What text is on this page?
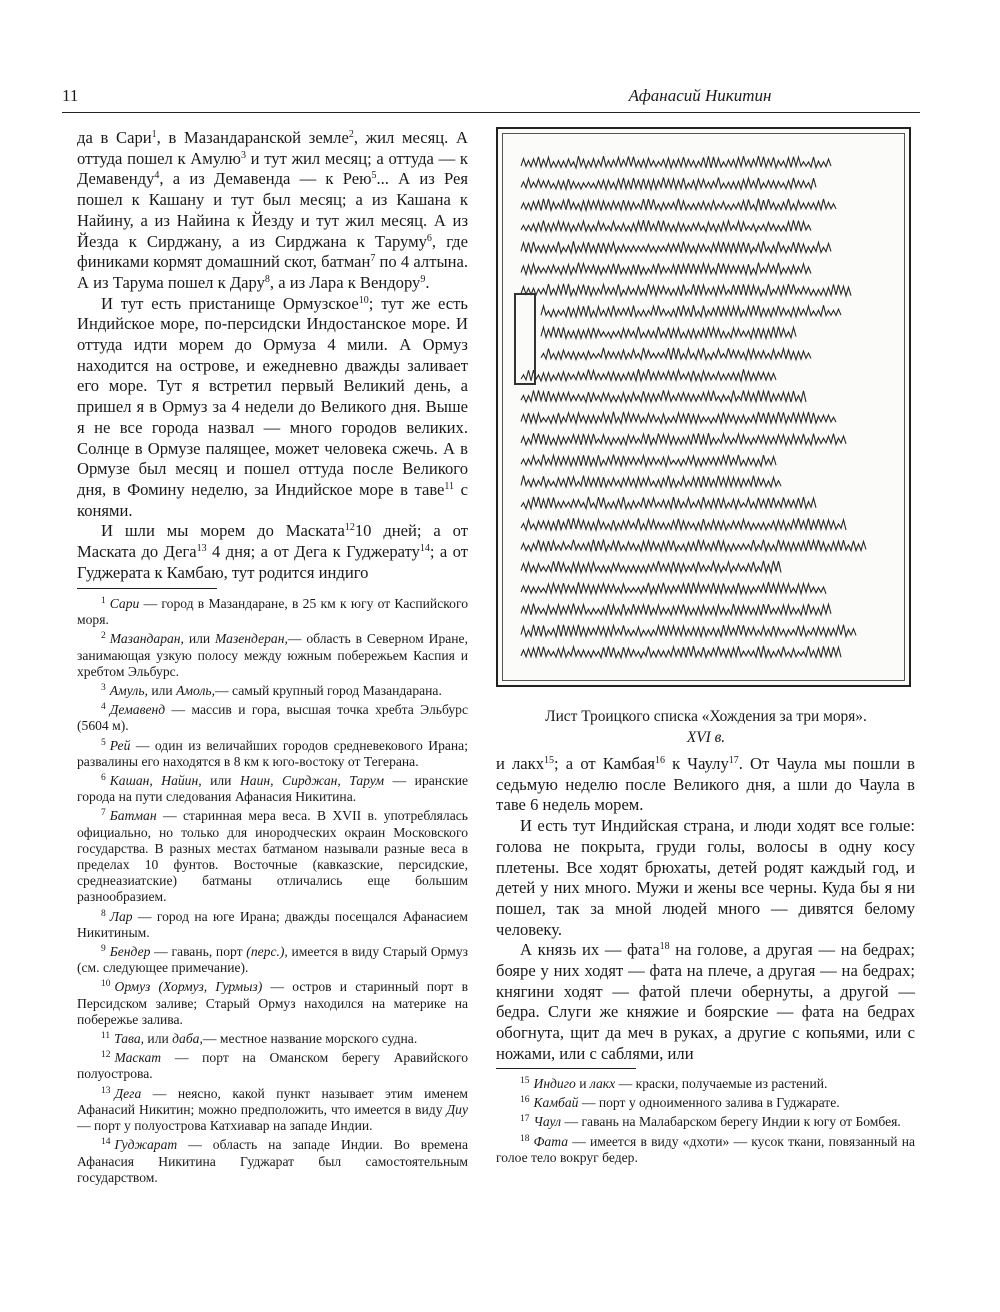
11	Афанасий Никитин

да в Сари$^1$, в Мазандаранской земле$^2$, жил месяц. А оттуда пошел к Амулю$^3$ и тут жил месяц; а оттуда — к Демавенду$^4$, а из Демавенда — к Рею$^5$... А из Рея пошел к Кашану и тут был месяц; а из Кашана к Найину, а из Найина к Йезду и тут жил месяц. А из Йезда к Сирджану, а из Сирджана к Таруму$^6$, где финиками кормят домашний скот, батман$^7$ по 4 алтына. А из Тарума пошел к Дару$^8$, а из Лара к Вендору$^9$.

И тут есть пристанище Ормузское$^{10}$; тут же есть Индийское море, по-персидски Индостанское море. И оттуда идти морем до Ормуза 4 мили. А Ормуз находится на острове, и ежедневно дважды заливает его море. Тут я встретил первый Великий день, а пришел я в Ормуз за 4 недели до Великого дня. Выше я не все города назвал — много городов великих. Солнце в Ормузе палящее, может человека сжечь. А в Ормузе был месяц и пошел оттуда после Великого дня, в Фомину неделю, за Индийское море в таве$^{11}$ с конями.

И шли мы морем до Маската$^{12}$10 дней; а от Маската до Дега$^{13}$ 4 дня; а от Дега к Гуджерату$^{14}$; а от Гуджерата к Камбаю, тут родится индиго

$^1$ Сари — город в Мазандаране, в 25 км к югу от Каспийского моря.

$^2$ Мазандаран, или Мазендеран,— область в Северном Иране, занимающая узкую полосу между южным побережьем Каспия и хребтом Эльбурс.

$^3$ Амуль, или Амоль,— самый крупный город Мазандарана.

$^4$ Демавенд — массив и гора, высшая точка хребта Эльбурс (5604 м).

$^5$ Рей — один из величайших городов средневекового Ирана; развалины его находятся в 8 км к юго-востоку от Тегерана.

$^6$ Кашан, Найин, или Наин, Сирджан, Тарум — иранские города на пути следования Афанасия Никитина.

$^7$ Батман — старинная мера веса. В XVII в. употреблялась официально, но только для инородческих окраин Московского государства. В разных местах батманом называли разные веса в пределах 10 фунтов. Восточные (кавказские, персидские, среднеазиатские) батманы отличались еще большим разнообразием.

$^8$ Лар — город на юге Ирана; дважды посещался Афанасием Никитиным.

$^9$ Бендер — гавань, порт (перс.), имеется в виду Старый Ормуз (см. следующее примечание).

$^{10}$ Ормуз (Хормуз, Гурмыз) — остров и старинный порт в Персидском заливе; Старый Ормуз находился на материке на побережье залива.

$^{11}$ Тава, или даба,— местное название морского судна.

$^{12}$ Маскат — порт на Оманском берегу Аравийского полуострова.

$^{13}$ Дега — неясно, какой пункт называет этим именем Афанасий Никитин; можно предположить, что имеется в виду Диу — порт у полуострова Катхиавар на западе Индии.

$^{14}$ Гуджарат — область на западе Индии. Во времена Афанасия Никитина Гуджарат был самостоятельным государством.

Лист Троицкого списка «Хождения за три моря».
XVI в.

и лакх$^{15}$; а от Камбая$^{16}$ к Чаулу$^{17}$. От Чаула мы пошли в седьмую неделю после Великого дня, а шли до Чаула в таве 6 недель морем.

И есть тут Индийская страна, и люди ходят все голые: голова не покрыта, груди голы, волосы в одну косу плетены. Все ходят брюхаты, детей родят каждый год, и детей у них много. Мужи и жены все черны. Куда бы я ни пошел, так за мной людей много — дивятся белому человеку.

А князь их — фата$^{18}$ на голове, а другая — на бедрах; бояре у них ходят — фата на плече, а другая — на бедрах; княгини ходят — фатой плечи обернуты, а другой — бедра. Слуги же княжие и боярские — фата на бедрах обогнута, щит да меч в руках, а другие с копьями, или с ножами, или с саблями, или

$^{15}$ Индиго и лакх — краски, получаемые из растений.

$^{16}$ Камбай — порт у одноименного залива в Гуджарате.

$^{17}$ Чаул — гавань на Малабарском берегу Индии к югу от Бомбея.

$^{18}$ Фата — имеется в виду «дхоти» — кусок ткани, повязанный на голое тело вокруг бедер.
